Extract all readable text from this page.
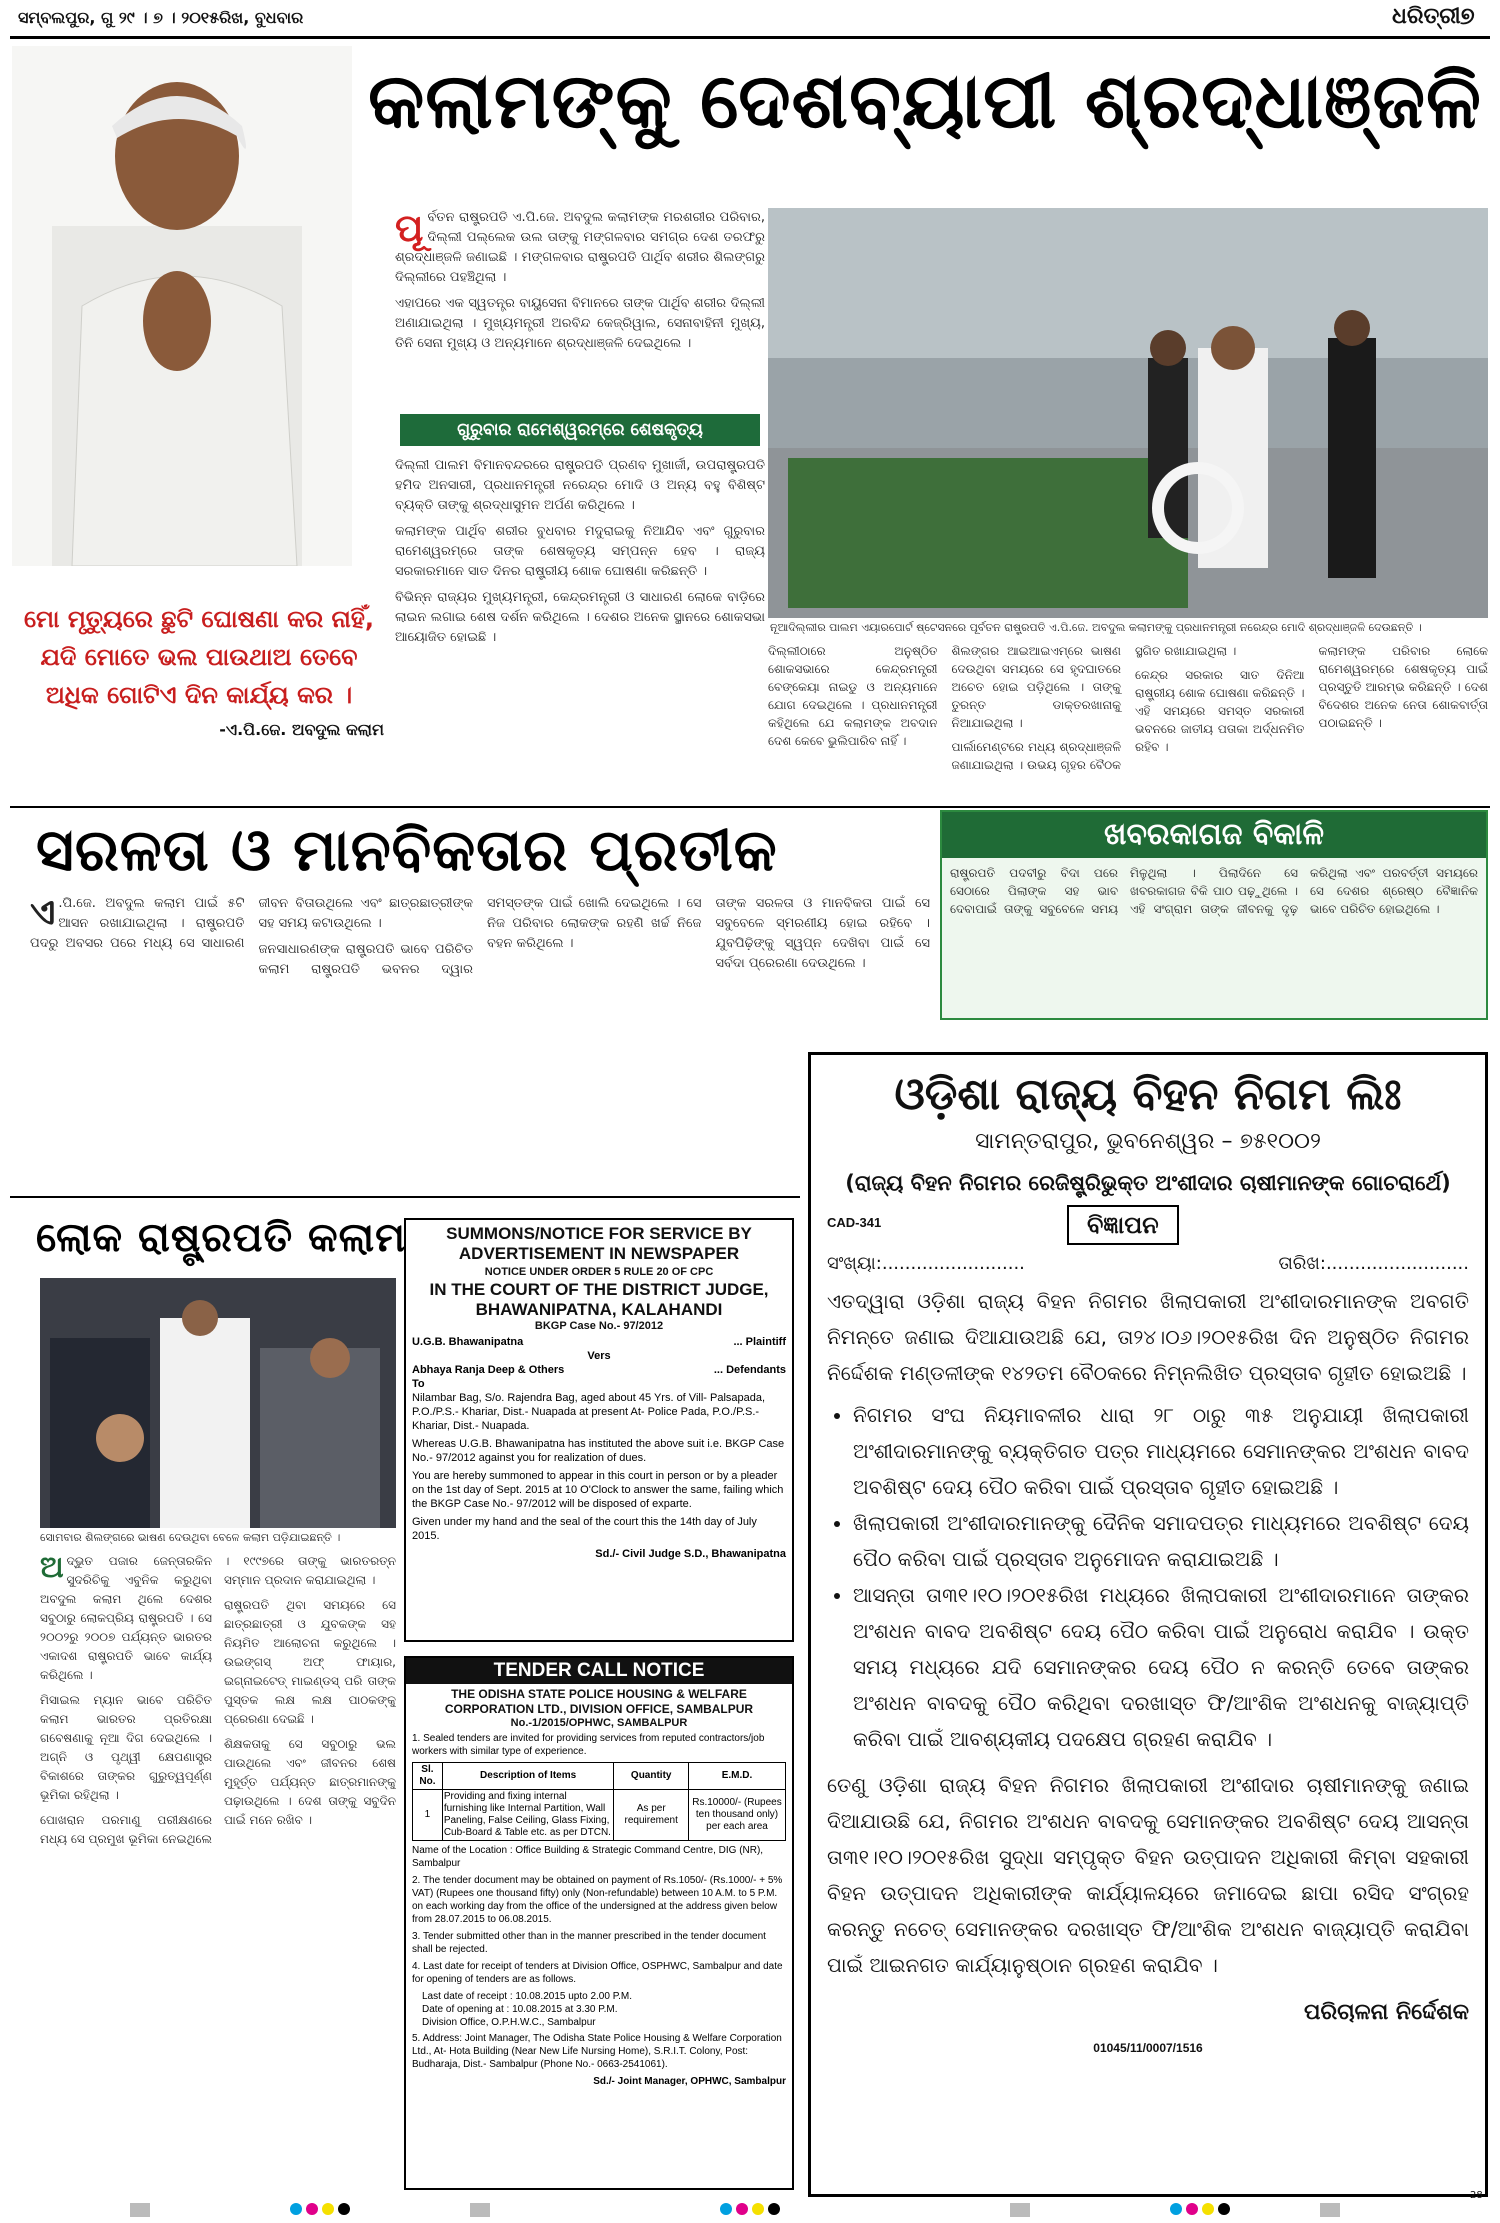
ସମ୍ବଲପୁର, ଗୁ ୨୯ । ୭ । ୨୦୧୫ରିଖ, ବୁଧବାର	ଧରିତ୍ରୀ ୭
କଲାମଙ୍କୁ ଦେଶବ୍ୟାପୀ ଶ୍ରଦ୍ଧାଞ୍ଜଳି
ପୂ ର୍ବତନ ରାଷ୍ଟ୍ରପତି ଏ.ପି.ଜେ. ଅବଦୁଲ କଲାମଙ୍କ ମରଶରୀର ପରିବାର, ଦିଲ୍ଲୀ ପଲ୍ଲେକ ଉଲ ତାଙ୍କୁ ମଙ୍ଗଳବାର ସମଗ୍ର ଦେଶ ତରଫରୁ ଶ୍ରଦ୍ଧାଞ୍ଜଳି ଜଣାଇଛି । ମଙ୍ଗଳବାର ରାଷ୍ଟ୍ରପତି ପାର୍ଥିବ ଶରୀର ଶିଲଙ୍ଗରୁ ଦିଲ୍ଲୀରେ ପହଞ୍ଚିଥିଲା ।

ଏହାପରେ ଏକ ସ୍ୱତନ୍ତ୍ର ବାୟୁସେନା ବିମାନରେ ତାଙ୍କ ପାର୍ଥିବ ଶରୀର ଦିଲ୍ଲୀ ଅଣାଯାଇଥିଲା । ମୁଖ୍ୟମନ୍ତ୍ରୀ ଅରବିନ୍ଦ କେଜ୍ରିୱାଲ, ସେନାବାହିନୀ ମୁଖ୍ୟ, ତିନି ସେନା ମୁଖ୍ୟ ଓ ଅନ୍ୟମାନେ ଶ୍ରଦ୍ଧାଞ୍ଜଳି ଦେଇଥିଲେ ।

ଗୁରୁବାର ରାମେଶ୍ୱରମ୍‌ରେ ଶେଷକୃତ୍ୟ

ଦିଲ୍ଲୀ ପାଲମ ବିମାନବନ୍ଦରରେ ରାଷ୍ଟ୍ରପତି ପ୍ରଣବ ମୁଖାର୍ଜୀ, ଉପରାଷ୍ଟ୍ରପତି ହମିଦ ଅନସାରୀ, ପ୍ରଧାନମନ୍ତ୍ରୀ ନରେନ୍ଦ୍ର ମୋଦି ଓ ଅନ୍ୟ ବହୁ ବିଶିଷ୍ଟ ବ୍ୟକ୍ତି ତାଙ୍କୁ ଶ୍ରଦ୍ଧାସୁମନ ଅର୍ପଣ କରିଥିଲେ ।

କଲାମଙ୍କ ପାର୍ଥିବ ଶରୀର ବୁଧବାର ମଦୁରାଇକୁ ନିଆଯିବ ଏବଂ ଗୁରୁବାର ରାମେଶ୍ୱରମ୍‌ରେ ତାଙ୍କ ଶେଷକୃତ୍ୟ ସମ୍ପନ୍ନ ହେବ । ରାଜ୍ୟ ସରକାରମାନେ ସାତ ଦିନର ରାଷ୍ଟ୍ରୀୟ ଶୋକ ଘୋଷଣା କରିଛନ୍ତି ।

ବିଭିନ୍ନ ରାଜ୍ୟର ମୁଖ୍ୟମନ୍ତ୍ରୀ, କେନ୍ଦ୍ରମନ୍ତ୍ରୀ ଓ ସାଧାରଣ ଲୋକେ ବାଡ଼ିରେ ଲାଇନ ଲଗାଇ ଶେଷ ଦର୍ଶନ କରିଥିଲେ । ଦେଶର ଅନେକ ସ୍ଥାନରେ ଶୋକସଭା ଆୟୋଜିତ ହୋଇଛି ।

ନୂଆଦିଲ୍ଲୀର ପାଲମ ଏୟାରପୋର୍ଟ ଷ୍ଟେସନରେ ପୂର୍ବତନ ରାଷ୍ଟ୍ରପତି ଏ.ପି.ଜେ. ଅବଦୁଲ କଲାମଙ୍କୁ ପ୍ରଧାନମନ୍ତ୍ରୀ ନରେନ୍ଦ୍ର ମୋଦି ଶ୍ରଦ୍ଧାଞ୍ଜଳି ଦେଉଛନ୍ତି ।

ଦିଲ୍ଲୀଠାରେ ଅନୁଷ୍ଠିତ ଶୋକସଭାରେ କେନ୍ଦ୍ରମନ୍ତ୍ରୀ ବେଙ୍କେୟା ନାଇଡୁ ଓ ଅନ୍ୟମାନେ ଯୋଗ ଦେଇଥିଲେ । ପ୍ରଧାନମନ୍ତ୍ରୀ କହିଥିଲେ ଯେ କଲାମଙ୍କ ଅବଦାନ ଦେଶ କେବେ ଭୁଲିପାରିବ ନାହିଁ ।

ଶିଲଙ୍ଗର ଆଇଆଇଏମ୍‌ରେ ଭାଷଣ ଦେଉଥିବା ସମୟରେ ସେ ହୃଦଘାତରେ ଅଚେତ ହୋଇ ପଡ଼ିଥିଲେ । ତାଙ୍କୁ ତୁରନ୍ତ ଡାକ୍ତରଖାନାକୁ ନିଆଯାଇଥିଲା ।

ପାର୍ଲାମେଣ୍ଟରେ ମଧ୍ୟ ଶ୍ରଦ୍ଧାଞ୍ଜଳି ଜଣାଯାଇଥିଲା । ଉଭୟ ଗୃହର ବୈଠକ ସ୍ଥଗିତ ରଖାଯାଇଥିଲା ।

କେନ୍ଦ୍ର ସରକାର ସାତ ଦିନିଆ ରାଷ୍ଟ୍ରୀୟ ଶୋକ ଘୋଷଣା କରିଛନ୍ତି । ଏହି ସମୟରେ ସମସ୍ତ ସରକାରୀ ଭବନରେ ଜାତୀୟ ପତାକା ଅର୍ଦ୍ଧନମିତ ରହିବ ।

କଲାମଙ୍କ ପରିବାର ଲୋକେ ରାମେଶ୍ୱରମ୍‌ରେ ଶେଷକୃତ୍ୟ ପାଇଁ ପ୍ରସ୍ତୁତି ଆରମ୍ଭ କରିଛନ୍ତି । ଦେଶ ବିଦେଶର ଅନେକ ନେତା ଶୋକବାର୍ତ୍ତା ପଠାଇଛନ୍ତି ।

ମୋ ମୃତ୍ୟୁରେ ଛୁଟି ଘୋଷଣା କର ନାହିଁ, ଯଦି ମୋତେ ଭଲ ପାଉଥାଅ ତେବେ ଅଧିକ ଗୋଟିଏ ଦିନ କାର୍ଯ୍ୟ କର ।
-ଏ.ପି.ଜେ. ଅବଦୁଲ କଲାମ
ସରଳତା ଓ ମାନବିକତାର ପ୍ରତୀକ	ଖବରକାଗଜ ବିକାଳି
ରାଷ୍ଟ୍ରପତି ପଦବୀରୁ ବିଦା ପରେ ସେଠାରେ ପିଲାଙ୍କ ସହ ଭାବ ଦେବାପାଇଁ ତାଙ୍କୁ ସବୁବେଳେ ସମୟ ମିଳୁଥିଲା । ପିଲାଦିନେ ସେ ଖବରକାଗଜ ବିକି ପାଠ ପଢ଼ୁଥିଲେ । ଏହି ସଂଗ୍ରାମ ତାଙ୍କ ଜୀବନକୁ ଦୃଢ଼ କରିଥିଲା ଏବଂ ପରବର୍ତ୍ତୀ ସମୟରେ ସେ ଦେଶର ଶ୍ରେଷ୍ଠ ବୈଜ୍ଞାନିକ ଭାବେ ପରିଚିତ ହୋଇଥିଲେ ।
ଏ .ପି.ଜେ. ଅବଦୁଲ କଲାମ ପାଇଁ ୫ଟି ଆସନ ରଖାଯାଇଥିଲା । ରାଷ୍ଟ୍ରପତି ପଦରୁ ଅବସର ପରେ ମଧ୍ୟ ସେ ସାଧାରଣ ଜୀବନ ବିତାଉଥିଲେ ଏବଂ ଛାତ୍ରଛାତ୍ରୀଙ୍କ ସହ ସମୟ କଟାଉଥିଲେ ।

ଜନସାଧାରଣଙ୍କ ରାଷ୍ଟ୍ରପତି ଭାବେ ପରିଚିତ କଲାମ ରାଷ୍ଟ୍ରପତି ଭବନର ଦ୍ୱାର ସମସ୍ତଙ୍କ ପାଇଁ ଖୋଲି ଦେଇଥିଲେ । ସେ ନିଜ ପରିବାର ଲୋକଙ୍କ ରହଣି ଖର୍ଚ୍ଚ ନିଜେ ବହନ କରିଥିଲେ ।

ତାଙ୍କ ସରଳତା ଓ ମାନବିକତା ପାଇଁ ସେ ସବୁବେଳେ ସ୍ମରଣୀୟ ହୋଇ ରହିବେ । ଯୁବପିଢ଼ିଙ୍କୁ ସ୍ୱପ୍ନ ଦେଖିବା ପାଇଁ ସେ ସର୍ବଦା ପ୍ରେରଣା ଦେଉଥିଲେ ।

ଲୋକ ରାଷ୍ଟ୍ରପତି କଲାମ
ସୋମବାର ଶିଲଙ୍ଗରେ ଭାଷଣ ଦେଉଥିବା ବେଳେ କଲାମ ପଡ଼ିଯାଇଛନ୍ତି ।
ଅ ଦ୍ଭୁତ ପଜାର ଜେନ୍ତାରକିନ ସୁଦରିଚିକୁ ଏବୁନିକ କରୁଥିବା ଅବଦୁଲ କଲାମ ଥିଲେ ଦେଶର ସବୁଠାରୁ ଲୋକପ୍ରିୟ ରାଷ୍ଟ୍ରପତି । ସେ ୨୦୦୨ରୁ ୨୦୦୭ ପର୍ଯ୍ୟନ୍ତ ଭାରତର ଏକାଦଶ ରାଷ୍ଟ୍ରପତି ଭାବେ କାର୍ଯ୍ୟ କରିଥିଲେ ।

ମିସାଇଲ ମ୍ୟାନ ଭାବେ ପରିଚିତ କଲାମ ଭାରତର ପ୍ରତିରକ୍ଷା ଗବେଷଣାକୁ ନୂଆ ଦିଗ ଦେଇଥିଲେ । ଅଗ୍ନି ଓ ପୃଥ୍ୱୀ କ୍ଷେପଣାସ୍ତ୍ର ବିକାଶରେ ତାଙ୍କର ଗୁରୁତ୍ୱପୂର୍ଣ୍ଣ ଭୂମିକା ରହିଥିଲା ।

ପୋଖରାନ ପରମାଣୁ ପରୀକ୍ଷଣରେ ମଧ୍ୟ ସେ ପ୍ରମୁଖ ଭୂମିକା ନେଇଥିଲେ । ୧୯୯୭ରେ ତାଙ୍କୁ ଭାରତରତ୍ନ ସମ୍ମାନ ପ୍ରଦାନ କରାଯାଇଥିଲା ।

ରାଷ୍ଟ୍ରପତି ଥିବା ସମୟରେ ସେ ଛାତ୍ରଛାତ୍ରୀ ଓ ଯୁବକଙ୍କ ସହ ନିୟମିତ ଆଲୋଚନା କରୁଥିଲେ । ଉଇଙ୍ଗସ୍ ଅଫ୍ ଫାୟାର, ଇଗ୍ନାଇଟେଡ୍ ମାଇଣ୍ଡସ୍ ପରି ତାଙ୍କ ପୁସ୍ତକ ଲକ୍ଷ ଲକ୍ଷ ପାଠକଙ୍କୁ ପ୍ରେରଣା ଦେଇଛି ।

ଶିକ୍ଷକତାକୁ ସେ ସବୁଠାରୁ ଭଲ ପାଉଥିଲେ ଏବଂ ଜୀବନର ଶେଷ ମୁହୂର୍ତ୍ତ ପର୍ଯ୍ୟନ୍ତ ଛାତ୍ରମାନଙ୍କୁ ପଢ଼ାଉଥିଲେ । ଦେଶ ତାଙ୍କୁ ସବୁଦିନ ପାଇଁ ମନେ ରଖିବ ।

SUMMONS/NOTICE FOR SERVICE BY ADVERTISEMENT IN NEWSPAPER
NOTICE UNDER ORDER 5 RULE 20 OF CPC
IN THE COURT OF THE DISTRICT JUDGE, BHAWANIPATNA, KALAHANDI
BKGP Case No.- 97/2012
U.G.B. Bhawanipatna	... Plaintiff
Vers
Abhaya Ranja Deep & Others	... Defendants
To

Nilambar Bag, S/o. Rajendra Bag, aged about 45 Yrs. of Vill- Palsapada, P.O./P.S.- Khariar, Dist.- Nuapada at present At- Police Pada, P.O./P.S.- Khariar, Dist.- Nuapada.

Whereas U.G.B. Bhawanipatna has instituted the above suit i.e. BKGP Case No.- 97/2012 against you for realization of dues.

You are hereby summoned to appear in this court in person or by a pleader on the 1st day of Sept. 2015 at 10 O'Clock to answer the same, failing which the BKGP Case No.- 97/2012 will be disposed of exparte.

Given under my hand and the seal of the court this the 14th day of July 2015.

Sd./- Civil Judge S.D., Bhawanipatna
TENDER CALL NOTICE
THE ODISHA STATE POLICE HOUSING & WELFARE CORPORATION LTD., DIVISION OFFICE, SAMBALPUR
No.-1/2015/OPHWC, SAMBALPUR

1. Sealed tenders are invited for providing services from reputed contractors/job workers with similar type of experience.

Sl. No.	Description of Items	Quantity	E.M.D.
1	Providing and fixing internal furnishing like Internal Partition, Wall Paneling, False Ceiling, Glass Fixing, Cub-Board & Table etc. as per DTCN.	As per requirement	Rs.10000/- (Rupees ten thousand only) per each area

Name of the Location : Office Building & Strategic Command Centre, DIG (NR), Sambalpur

2. The tender document may be obtained on payment of Rs.1050/- (Rs.1000/- + 5% VAT) (Rupees one thousand fifty) only (Non-refundable) between 10 A.M. to 5 P.M. on each working day from the office of the undersigned at the address given below from 28.07.2015 to 06.08.2015.

3. Tender submitted other than in the manner prescribed in the tender document shall be rejected.

4. Last date for receipt of tenders at Division Office, OSPHWC, Sambalpur and date for opening of tenders are as follows.

Last date of receipt : 10.08.2015 upto 2.00 P.M.
Date of opening at : 10.08.2015 at 3.30 P.M.
Division Office, O.P.H.W.C., Sambalpur

5. Address: Joint Manager, The Odisha State Police Housing & Welfare Corporation Ltd., At- Hota Building (Near New Life Nursing Home), S.R.I.T. Colony, Post: Budharaja, Dist.- Sambalpur (Phone No.- 0663-2541061).

Sd./- Joint Manager, OPHWC, Sambalpur
ଓଡ଼ିଶା ରାଜ୍ୟ ବିହନ ନିଗମ ଲିଃ
ସାମନ୍ତରାପୁର, ଭୁବନେଶ୍ୱର – ୭୫୧୦୦୨
(ରାଜ୍ୟ ବିହନ ନିଗମର ରେଜିଷ୍ଟ୍ରିଭୁକ୍ତ ଅଂଶୀଦାର ଚାଷୀମାନଙ୍କ ଗୋଚରାର୍ଥେ)
CAD-341	ବିଜ୍ଞାପନ
ସଂଖ୍ୟା:.........................	ତାରିଖ:.........................
ଏତଦ୍ୱାରା ଓଡ଼ିଶା ରାଜ୍ୟ ବିହନ ନିଗମର ଖିଲାପକାରୀ ଅଂଶୀଦାରମାନଙ୍କ ଅବଗତି ନିମନ୍ତେ ଜଣାଇ ଦିଆଯାଉଅଛି ଯେ, ତା୨୪।୦୬।୨୦୧୫ରିଖ ଦିନ ଅନୁଷ୍ଠିତ ନିଗମର ନିର୍ଦ୍ଦେଶକ ମଣ୍ଡଳୀଙ୍କ ୧୪୨ତମ ବୈଠକରେ ନିମ୍ନଲିଖିତ ପ୍ରସ୍ତାବ ଗୃହୀତ ହୋଇଅଛି ।
• ନିଗମର ସଂଘ ନିୟମାବଳୀର ଧାରା ୨୮ ଠାରୁ ୩୫ ଅନୁଯାୟୀ ଖିଲାପକାରୀ ଅଂଶୀଦାରମାନଙ୍କୁ ବ୍ୟକ୍ତିଗତ ପତ୍ର ମାଧ୍ୟମରେ ସେମାନଙ୍କର ଅଂଶଧନ ବାବଦ ଅବଶିଷ୍ଟ ଦେୟ ପୈଠ କରିବା ପାଇଁ ପ୍ରସ୍ତାବ ଗୃହୀତ ହୋଇଅଛି ।
• ଖିଲାପକାରୀ ଅଂଶୀଦାରମାନଙ୍କୁ ଦୈନିକ ସମାଦପତ୍ର ମାଧ୍ୟମରେ ଅବଶିଷ୍ଟ ଦେୟ ପୈଠ କରିବା ପାଇଁ ପ୍ରସ୍ତାବ ଅନୁମୋଦନ କରାଯାଇଅଛି ।
• ଆସନ୍ତା ତା୩୧।୧୦।୨୦୧୫ରିଖ ମଧ୍ୟରେ ଖିଲାପକାରୀ ଅଂଶୀଦାରମାନେ ତାଙ୍କର ଅଂଶଧନ ବାବଦ ଅବଶିଷ୍ଟ ଦେୟ ପୈଠ କରିବା ପାଇଁ ଅନୁରୋଧ କରାଯିବ । ଉକ୍ତ ସମୟ ମଧ୍ୟରେ ଯଦି ସେମାନଙ୍କର ଦେୟ ପୈଠ ନ କରନ୍ତି ତେବେ ତାଙ୍କର ଅଂଶଧନ ବାବଦକୁ ପୈଠ କରିଥିବା ଦରଖାସ୍ତ ଫି/ଆଂଶିକ ଅଂଶଧନକୁ ବାଜ୍ୟାପ୍ତି କରିବା ପାଇଁ ଆବଶ୍ୟକୀୟ ପଦକ୍ଷେପ ଗ୍ରହଣ କରାଯିବ ।
ତେଣୁ ଓଡ଼ିଶା ରାଜ୍ୟ ବିହନ ନିଗମର ଖିଲାପକାରୀ ଅଂଶୀଦାର ଚାଷୀମାନଙ୍କୁ ଜଣାଇ ଦିଆଯାଉଛି ଯେ, ନିଗମର ଅଂଶଧନ ବାବଦକୁ ସେମାନଙ୍କର ଅବଶିଷ୍ଟ ଦେୟ ଆସନ୍ତା ତା୩୧।୧୦।୨୦୧୫ରିଖ ସୁଦ୍ଧା ସମ୍ପୃକ୍ତ ବିହନ ଉତ୍ପାଦନ ଅଧିକାରୀ କିମ୍ବା ସହକାରୀ ବିହନ ଉତ୍ପାଦନ ଅଧିକାରୀଙ୍କ କାର୍ଯ୍ୟାଳୟରେ ଜମାଦେଇ ଛାପା ରସିଦ ସଂଗ୍ରହ କରନ୍ତୁ ନଚେତ୍ ସେମାନଙ୍କର ଦରଖାସ୍ତ ଫି/ଆଂଶିକ ଅଂଶଧନ ବାଜ୍ୟାପ୍ତି କରାଯିବା ପାଇଁ ଆଇନଗତ କାର୍ଯ୍ୟାନୁଷ୍ଠାନ ଗ୍ରହଣ କରାଯିବ ।
ପରିଚାଳନା ନିର୍ଦ୍ଦେଶକ
01045/11/0007/1516
28
